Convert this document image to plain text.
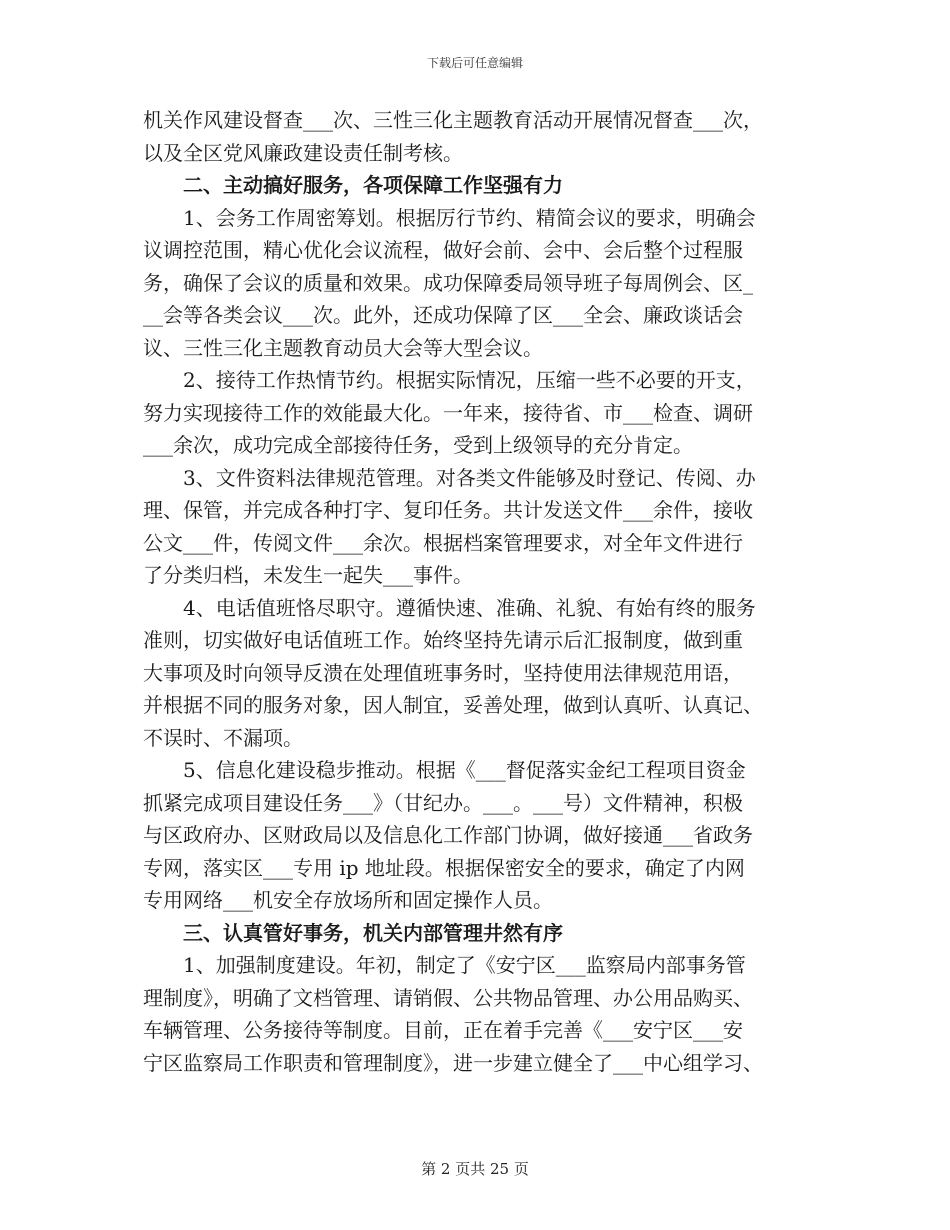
下载后可任意编辑
机关作风建设督查___次、三性三化主题教育活动开展情况督查___次，
以及全区党风廉政建设责任制考核。
二、主动搞好服务，各项保障工作坚强有力
1、会务工作周密筹划。根据厉行节约、精简会议的要求，明确会
议调控范围，精心优化会议流程，做好会前、会中、会后整个过程服
务，确保了会议的质量和效果。成功保障委局领导班子每周例会、区_
__会等各类会议___次。此外，还成功保障了区___全会、廉政谈话会
议、三性三化主题教育动员大会等大型会议。
2、接待工作热情节约。根据实际情况，压缩一些不必要的开支，
努力实现接待工作的效能最大化。一年来，接待省、市___检查、调研
___余次，成功完成全部接待任务，受到上级领导的充分肯定。
3、文件资料法律规范管理。对各类文件能够及时登记、传阅、办
理、保管，并完成各种打字、复印任务。共计发送文件___余件，接收
公文___件，传阅文件___余次。根据档案管理要求，对全年文件进行
了分类归档，未发生一起失___事件。
4、电话值班恪尽职守。遵循快速、准确、礼貌、有始有终的服务
准则，切实做好电话值班工作。始终坚持先请示后汇报制度，做到重
大事项及时向领导反溃在处理值班事务时，坚持使用法律规范用语，
并根据不同的服务对象，因人制宜，妥善处理，做到认真听、认真记、
不误时、不漏项。
5、信息化建设稳步推动。根据《___督促落实金纪工程项目资金
抓紧完成项目建设任务___》（甘纪办。___。___号）文件精神，积极
与区政府办、区财政局以及信息化工作部门协调，做好接通___省政务
专网，落实区___专用 ip 地址段。根据保密安全的要求，确定了内网
专用网络___机安全存放场所和固定操作人员。
三、认真管好事务，机关内部管理井然有序
1、加强制度建设。年初，制定了《安宁区___监察局内部事务管
理制度》，明确了文档管理、请销假、公共物品管理、办公用品购买、
车辆管理、公务接待等制度。目前，正在着手完善《___安宁区___安
宁区监察局工作职责和管理制度》，进一步建立健全了___中心组学习、
第 2 页共 25 页
